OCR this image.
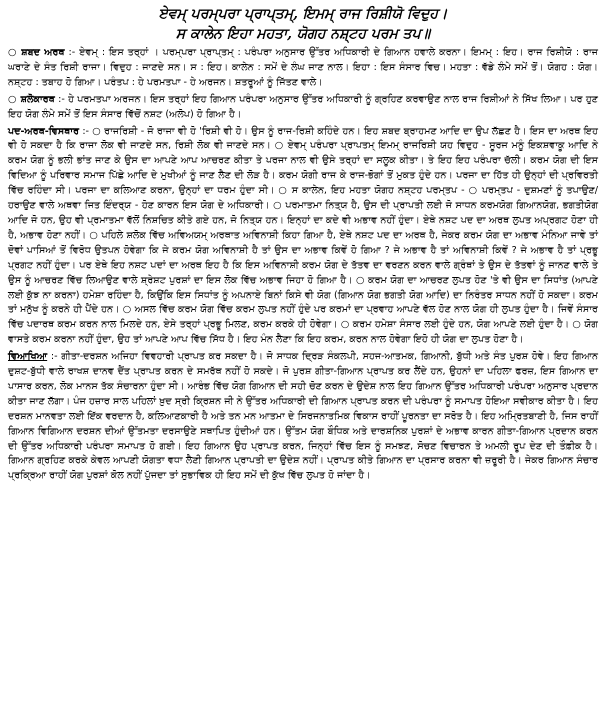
ਏਵਮ੍ ਪਰਮ੍ਪਰਾ ਪ੍ਰਾਪ੍ਤਮ੍, ਇਮਮ੍ ਰਾਜ ਰਿਸ਼ੀਯੋ ਵਿਦੁਹ।
ਸ ਕਾਲੇਨ ਇਹਾ ਮਹਤਾ, ਯੋਗਹ ਨਸ਼੍ਟਹ ਪਰਮ ਤਪ॥

○ ਸ਼ਬਦ ਅਰਥ :- ਏਵਮ੍ : ਇਸ ਤਰ੍ਹਾਂ । ਪਰਮ੍ਪਰਾ ਪ੍ਰਾਪ੍ਤਮ੍ : ਪਰੰਪਰਾ ਅਨੁਸਾਰ ਉੱਤਰ ਅਧਿਕਾਰੀ ਦੇ ਗਿਆਨ ਹਵਾਲੇ ਕਰਨਾ। ਇਮਮ੍ : ਇਹ। ਰਾਜ ਰਿਸ਼ੀਯੋ : ਰਾਜ ਘਰਾਣੇ ਦੇ ਸੰਤ ਰਿਸ਼ੀ ਰਾਜਾ। ਵਿਦੁਹ : ਜਾਣਦੇ ਸਨ। ਸ : ਇਹ। ਕਾਲੇਨ : ਸਮੇਂ ਦੇ ਲੰਘ ਜਾਣ ਨਾਲ। ਇਹਾ : ਇਸ ਸੰਸਾਰ ਵਿਚ। ਮਹਤਾ : ਵੱਡੇ ਲੰਮੇ ਸਮੇਂ ਤੋਂ। ਯੋਗਹ : ਯੋਗ। ਨਸ਼੍ਟਹ : ਤਬਾਹ ਹੋ ਗਿਆ। ਪਰੰਤਪ : ਹੇ ਪਰਮਤਪਾ - ਹੇ ਅਰਜਨ। ਸ਼ਤਰੂਆਂ ਨੂੰ ਜਿੱਤਣ ਵਾਲੇ।

○ ਸ਼ਲੋਕਾਰਥ :- ਹੇ ਪਰਮਤਪਾ ਅਰਜਨ। ਇਸ ਤਰ੍ਹਾਂ ਇਹ ਗਿਆਨ ਪਰੰਪਰਾ ਅਨੁਸਾਰ ਉੱਤਰ ਅਧਿਕਾਰੀ ਨੂੰ ਗ੍ਰਹਿਣ ਕਰਵਾਉਣ ਨਾਲ ਰਾਜ ਰਿਸ਼ੀਆਂ ਨੇ ਸਿੱਖ ਲਿਆ। ਪਰ ਹੁਣ ਇਹ ਯੋਗ ਲੰਮੇ ਸਮੇਂ ਤੋਂ ਇਸ ਸੰਸਾਰ ਵਿੱਚੋਂ ਨਸ਼ਟ (ਅਲੋਪ) ਹੋ ਗਿਆ ਹੈ।

ਪਦ-ਅਰਥ-ਵਿਸਥਾਰ :- ○ ਰਾਜਰਿਸ਼ੀ - ਜੋ ਰਾਜਾ ਵੀ ਹੋ 'ਰਿਸ਼ੀ ਵੀ ਹੋ। ਉਸ ਨੂੰ ਰਾਜ-ਰਿਸ਼ੀ ਕਹਿੰਦੇ ਹਨ। ਇਹ ਸ਼ਬਦ ਬ੍ਰਾਹਮਣ ਆਦਿ ਦਾ ਉਪ ਲੱਛਣ ਹੈ। ਇਸ ਦਾ ਅਰਥ ਇਹ ਵੀ ਹੋ ਸਕਦਾ ਹੈ ਕਿ ਰਾਜਾ ਲੋਕ ਵੀ ਜਾਣਦੇ ਸਨ, ਰਿਸ਼ੀ ਲੋਕ ਵੀ ਜਾਣਦੇ ਸਨ। ○ ਏਵਮ੍ ਪਰੰਪਰਾ ਪ੍ਰਾਪਤਮ੍ ਇਮਮ੍ ਰਾਜਰਿਸ਼ੀ ਯਹ ਵਿਦੁਹ - ਸੂਰਜ ਮਨੂੰ ਇਕਸ਼ਵਾਕੂ ਆਦਿ ਨੇ ਕਰਮ ਯੋਗ ਨੂੰ ਭਲੀ ਭਾਂਤ ਜਾਣ ਕੇ ਉਸ ਦਾ ਆਪਣੇ ਆਪ ਆਚਰਣ ਕੀਤਾ ਤੇ ਪਰਜਾ ਨਾਲ ਵੀ ਉਸੇ ਤਰ੍ਹਾਂ ਦਾ ਸਲੂਕ ਕੀਤਾ। ਤੇ ਇਹ ਇਹ ਪਰੰਪਰਾ ਚੱਲੀ। ਕਰਮ ਯੋਗ ਦੀ ਇਸ ਵਿਦਿਆ ਨੂੰ ਪਰਿਵਾਰ ਸਮਾਜ ਪਿੱਛੇ ਆਦਿ ਦੇ ਮੁਖੀਆਂ ਨੂੰ ਜਾਣ ਲੈਣ ਦੀ ਲੋੜ ਹੈ। ਕਰਮ ਯੋਗੀ ਰਾਜ ਕੇ ਰਾਜ-ਭੋਗਾਂ ਤੋਂ ਮੁਕਤ ਹੁੰਦੇ ਹਨ। ਪਰਜਾ ਦਾ ਹਿੱਤ ਹੀ ਉਨ੍ਹਾਂ ਦੀ ਪ੍ਰਵਿਰਤੀ ਵਿੱਚ ਰਹਿੰਦਾ ਸੀ। ਪਰਜਾ ਦਾ ਕਲਿਆਣ ਕਰਨਾ, ਉਨ੍ਹਾਂ ਦਾ ਧਰਮ ਹੁੰਦਾ ਸੀ। ○ ਸ ਕਾਲੇਨ, ਇਹ ਮਹਤਾ ਯੋਗਹ ਨਸ਼੍ਟਹ ਪਰਮ੍ਤਪ - ○ ਪਰਮ੍ਤਪ - ਦੁਸ਼ਮਣਾਂ ਨੂੰ ਤਪਾਉਣ/ਹਰਾਉਣ ਵਾਲੇ ਅਥਵਾ ਜਿਤ ਇੰਦਰ੍ਯ - ਹੋਣ ਕਾਰਨ ਇਸ ਯੋਗ ਦੇ ਅਧਿਕਾਰੀ। ○ ਪਰਮਾਤਮਾ ਨਿਤ੍ਯ ਹੈ, ਉਸ ਦੀ ਪ੍ਰਾਪਤੀ ਲਈ ਜੋ ਸਾਧਨ ਕਰਮਯੋਗ ਗਿਆਨਯੋਗ, ਭਗਤੀਯੋਗ ਆਦਿ ਜੋ ਹਨ, ਉਹ ਵੀ ਪ੍ਰਮਾਤਮਾ ਵੱਲੋਂ ਨਿਸ਼ਚਿਤ ਕੀਤੇ ਗਏ ਹਨ, ਜੋ ਨਿਤ੍ਯ ਹਨ। ਇਨ੍ਹਾਂ ਦਾ ਕਦੇ ਵੀ ਅਭਾਵ ਨਹੀਂ ਹੁੰਦਾ। ਏਥੇ ਨਸ਼ਟ ਪਦ ਦਾ ਅਰਥ ਲੁਪਤ ਅਪ੍ਰਗਟ ਹੋਣਾ ਹੀ ਹੈ, ਅਭਾਵ ਹੋਣਾ ਨਹੀਂ। ○ ਪਹਿਲੇ ਸ਼ਲੋਕ ਵਿੱਚ ਅਵਿਅਯਮ੍ ਅਰਥਾਤ ਅਵਿਨਾਸ਼ੀ ਕਿਹਾ ਗਿਆ ਹੈ, ਏਥੇ ਨਸ਼ਟ ਪਦ ਦਾ ਅਰਥ ਹੈ, ਜੇਕਰ ਕਰਮ ਯੋਗ ਦਾ ਅਭਾਵ ਮੰਨਿਆ ਜਾਵੇ ਤਾਂ ਦੋਵਾਂ ਪਾਸਿਆਂ ਤੋਂ ਵਿਰੋਧ ਉਤਪਨ ਹੋਵੇਗਾ ਕਿ ਜੇ ਕਰਮ ਯੋਗ ਅਵਿਨਾਸ਼ੀ ਹੈ ਤਾਂ ਉਸ ਦਾ ਅਭਾਵ ਕਿਵੇਂ ਹੋ ਗਿਆ ? ਜੇ ਅਭਾਵ ਹੈ ਤਾਂ ਅਵਿਨਾਸ਼ੀ ਕਿਵੇਂ ? ਜੇ ਅਭਾਵ ਹੈ ਤਾਂ ਪ੍ਰਭੂ ਪ੍ਰਗਟ ਨਹੀਂ ਹੁੰਦਾ। ਪਰ ਏਥੇ ਇਹ ਨਸ਼ਟ ਪਦਾਂ ਦਾ ਅਰਥ ਇਹ ਹੈ ਕਿ ਇਸ ਅਵਿਨਾਸ਼ੀ ਕਰਮ ਯੋਗ ਦੇ ਤੱਤਵ ਦਾ ਵਰਣਨ ਕਰਨ ਵਾਲੇ ਗ੍ਰੰਥਾਂ ਤੇ ਉਸ ਦੇ ਤੱਤਵਾਂ ਨੂੰ ਜਾਨਣ ਵਾਲੇ ਤੇ ਉਸ ਨੂੰ ਆਚਰਣ ਵਿੱਚ ਲਿਆਉਣ ਵਾਲੇ ਸ਼੍ਰੇਸ਼ਟ ਪੁਰਸ਼ਾਂ ਦਾ ਇਸ ਲੋਕ ਵਿੱਚ ਅਭਾਵ ਜਿਹਾ ਹੋ ਗਿਆ ਹੈ। ○ ਕਰਮ ਯੋਗ ਦਾ ਆਚਰਣ ਲੁਪਤ ਹੋਣ 'ਤੇ ਵੀ ਉਸ ਦਾ ਸਿਧਾਂਤ (ਆਪਣੇ ਲਈ ਕੁੱਝ ਨਾ ਕਰਨਾ) ਹਮੇਸ਼ਾ ਰਹਿੰਦਾ ਹੈ, ਕਿਉਂਕਿ ਇਸ ਸਿਧਾਂਤ ਨੂੰ ਅਪਨਾਏ ਬਿਨਾਂ ਕਿਸੇ ਵੀ ਯੋਗ (ਗਿਆਨ ਯੋਗ ਭਗਤੀ ਯੋਗ ਆਦਿ) ਦਾ ਨਿਰੰਤਰ ਸਾਧਨ ਨਹੀਂ ਹੋ ਸਕਦਾ। ਕਰਮ ਤਾਂ ਮਨੁੱਖ ਨੂੰ ਕਰਨੇ ਹੀ ਪੈਂਦੇ ਹਨ। ○ ਅਸਲ ਵਿੱਚ ਕਰਮ ਯੋਗ ਵਿੱਚ ਕਰਮ ਲੁਪਤ ਨਹੀਂ ਹੁੰਦੇ ਪਰ ਕਰਮਾਂ ਦਾ ਪ੍ਰਵਾਹ ਆਪਣੇ ਵੱਲ ਹੋਣ ਨਾਲ ਯੋਗ ਹੀ ਲੁਪਤ ਹੁੰਦਾ ਹੈ। ਜਿਵੇਂ ਸੰਸਾਰ ਵਿੱਚ ਪਦਾਰਥ ਕਰਮ ਕਰਨ ਨਾਲ ਮਿਲਦੇ ਹਨ, ਏਸੇ ਤਰ੍ਹਾਂ ਪ੍ਰਭੂ ਮਿਲਣ, ਕਰਮ ਕਰਕੇ ਹੀ ਹੋਵੇਗਾ। ○ ਕਰਮ ਹਮੇਸ਼ਾ ਸੰਸਾਰ ਲਈ ਹੁੰਦੇ ਹਨ, ਯੋਗ ਆਪਣੇ ਲਈ ਹੁੰਦਾ ਹੈ। ○ ਯੋਗ ਵਾਸਤੇ ਕਰਮ ਕਰਨਾ ਨਹੀਂ ਹੁੰਦਾ, ਉਹ ਤਾਂ ਆਪਣੇ ਆਪ ਵਿੱਚ ਸਿੱਧ ਹੈ। ਇਹ ਮੰਨ ਲੈਣਾ ਕਿ ਇਹ ਕਰਮ, ਕਰਨ ਨਾਲ ਹੋਵੇਗਾ ਇਹੋ ਹੀ ਯੋਗ ਦਾ ਲੁਪਤ ਹੋਣਾ ਹੈ।

ਵਿਆਖਿਆ :- ਗੀਤਾ-ਦਰਸ਼ਨ ਅਜਿਹਾ ਵਿਵਹਾਰੀ ਪ੍ਰਾਪਤ ਕਰ ਸਕਦਾ ਹੈ। ਜੋ ਸਾਧਕ ਦ੍ਰਿੜ ਸੰਕਲਪੀ, ਸਹਜ-ਆਤਮਕ, ਗਿਆਨੀ, ਬੁੱਧੀ ਅਤੇ ਸੰਤ ਪੁਰਸ਼ ਹੋਵੇ। ਇਹ ਗਿਆਨ ਦੁਸ਼ਟ-ਬੁੱਧੀ ਵਾਲੇ ਰਾਖਸ਼ ਦਾਨਵ ਦੈਂਤ ਪ੍ਰਾਪਤ ਕਰਨ ਦੇ ਸਮਰੱਥ ਨਹੀਂ ਹੋ ਸਕਦੇ। ਜੋ ਪੁਰਸ਼ ਗੀਤਾ-ਗਿਆਨ ਪ੍ਰਾਪਤ ਕਰ ਲੈਂਦੇ ਹਨ, ਉਹਨਾਂ ਦਾ ਪਹਿਲਾ ਫਰਜ਼, ਇਸ ਗਿਆਨ ਦਾ ਪਾਸਾਰ ਕਰਨ, ਲੋਕ ਮਾਨਸ ਤੱਕ ਸੰਚਾਰਨਾ ਹੁੰਦਾ ਸੀ। ਆਰੰਭ ਵਿੱਚ ਯੋਗ ਗਿਆਨ ਦੀ ਸਹੀ ਚੋਣ ਕਰਨ ਦੇ ਉਦੇਸ਼ ਨਾਲ ਇਹ ਗਿਆਨ ਉੱਤਰ ਅਧਿਕਾਰੀ ਪਰੰਪਰਾ ਅਨੁਸਾਰ ਪ੍ਰਦਾਨ ਕੀਤਾ ਜਾਣ ਲੱਗਾ। ਪੰਜ ਹਜ਼ਾਰ ਸਾਲ ਪਹਿਲਾਂ ਖ਼ੁਦ ਸ੍ਰੀ ਕ੍ਰਿਸ਼ਨ ਜੀ ਨੇ ਉੱਤਰ ਅਧਿਕਾਰੀ ਦੀ ਗਿਆਨ ਪ੍ਰਾਪਤ ਕਰਨ ਦੀ ਪਰੰਪਰਾ ਨੂੰ ਸਮਾਪਤ ਹੋਇਆ ਸਵੀਕਾਰ ਕੀਤਾ ਹੈ। ਇਹ ਦਰਸ਼ਨ ਮਾਨਵਤਾ ਲਈ ਇੱਕ ਵਰਦਾਨ ਹੈ, ਕਲਿਆਣਕਾਰੀ ਹੈ ਅਤੇ ਤਨ ਮਨ ਆਤਮਾ ਦੇ ਸਿਰਜਨਾਤਮਿਕ ਵਿਕਾਸ ਰਾਹੀਂ ਪੂਰਨਤਾ ਦਾ ਸਰੋਤ ਹੈ। ਇਹ ਅਮ੍ਰਿਤਬਾਣੀ ਹੈ, ਜਿਸ ਰਾਹੀਂ ਗਿਆਨ ਵਿਗਿਆਨ ਦਰਸ਼ਨ ਦੀਆਂ ਉੱਤਮਤਾ ਦਰਸਾਉਣੇ ਸਥਾਪਿਤ ਹੁੰਦੀਆਂ ਹਨ। ਉੱਤਮ ਯੋਗ ਬੌਧਿਕ ਅਤੇ ਦਾਰਸ਼ਨਿਕ ਪੁਰਸ਼ਾਂ ਦੇ ਅਭਾਵ ਕਾਰਨ ਗੀਤਾ-ਗਿਆਨ ਪ੍ਰਦਾਨ ਕਰਨ ਦੀ ਉੱਤਰ ਅਧਿਕਾਰੀ ਪਰੰਪਰਾ ਸਮਾਪਤ ਹੋ ਗਈ। ਇਹ ਗਿਆਨ ਉਹ ਪ੍ਰਾਪਤ ਕਰਨ, ਜਿਨ੍ਹਾਂ ਵਿੱਚ ਇਸ ਨੂੰ ਸਮਝਣ, ਸੋਚਣ ਵਿਚਾਰਨ ਤੇ ਅਮਲੀ ਰੂਪ ਦੇਣ ਦੀ ਤੌਫ਼ੀਕ ਹੈ। ਗਿਆਨ ਗ੍ਰਹਿਣ ਕਰਕੇ ਕੇਵਲ ਆਪਣੀ ਯੋਗਤਾ ਵਧਾ ਲੈਣੀ ਗਿਆਨ ਪ੍ਰਾਪਤੀ ਦਾ ਉਦੇਸ਼ ਨਹੀਂ। ਪ੍ਰਾਪਤ ਕੀਤੇ ਗਿਆਨ ਦਾ ਪ੍ਰਸਾਰ ਕਰਨਾ ਵੀ ਜ਼ਰੂਰੀ ਹੈ। ਜੇਕਰ ਗਿਆਨ ਸੰਚਾਰ ਪ੍ਰਕ੍ਰਿਆ ਰਾਹੀਂ ਯੋਗ ਪੁਰਸ਼ਾਂ ਕੋਲ ਨਹੀਂ ਪੁੱਜਦਾ ਤਾਂ ਸੁਭਾਵਿਕ ਹੀ ਇਹ ਸਮੇਂ ਦੀ ਕੁੱਖ ਵਿੱਚ ਲੁਪਤ ਹੋ ਜਾਂਦਾ ਹੈ।
